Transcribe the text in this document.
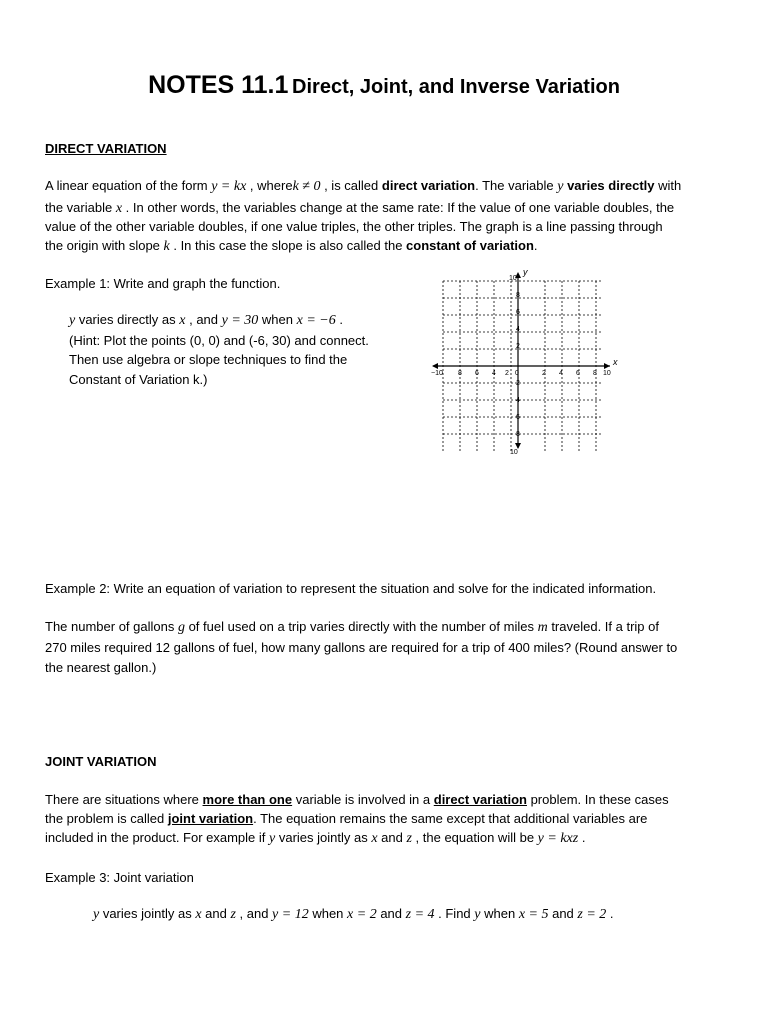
NOTES 11.1 Direct, Joint, and Inverse Variation
DIRECT VARIATION
A linear equation of the form y = kx , wherek ≠ 0 , is called direct variation. The variable y varies directly with
the variable x . In other words, the variables change at the same rate: If the value of one variable doubles, the
value of the other variable doubles, if one value triples, the other triples. The graph is a line passing through
the origin with slope k . In this case the slope is also called the constant of variation.
Example 1: Write and graph the function.
y varies directly as x , and y = 30 when x = −6 .
(Hint: Plot the points (0, 0) and (-6, 30) and connect.
Then use algebra or slope techniques to find the
Constant of Variation k.)
x
y
−10 8 6 4 2 0	2 4 6 8 10
10
8
6
4
2
2
4
6
8
10
Example 2: Write an equation of variation to represent the situation and solve for the indicated information.
The number of gallons g of fuel used on a trip varies directly with the number of miles m traveled. If a trip of
270 miles required 12 gallons of fuel, how many gallons are required for a trip of 400 miles? (Round answer to
the nearest gallon.)
JOINT VARIATION
There are situations where more than one variable is involved in a direct variation problem. In these cases
the problem is called joint variation. The equation remains the same except that additional variables are
included in the product. For example if y varies jointly as x and z , the equation will be y = kxz .
Example 3: Joint variation
y varies jointly as x and z , and y = 12 when x = 2 and z = 4 . Find y when x = 5 and z = 2 .
